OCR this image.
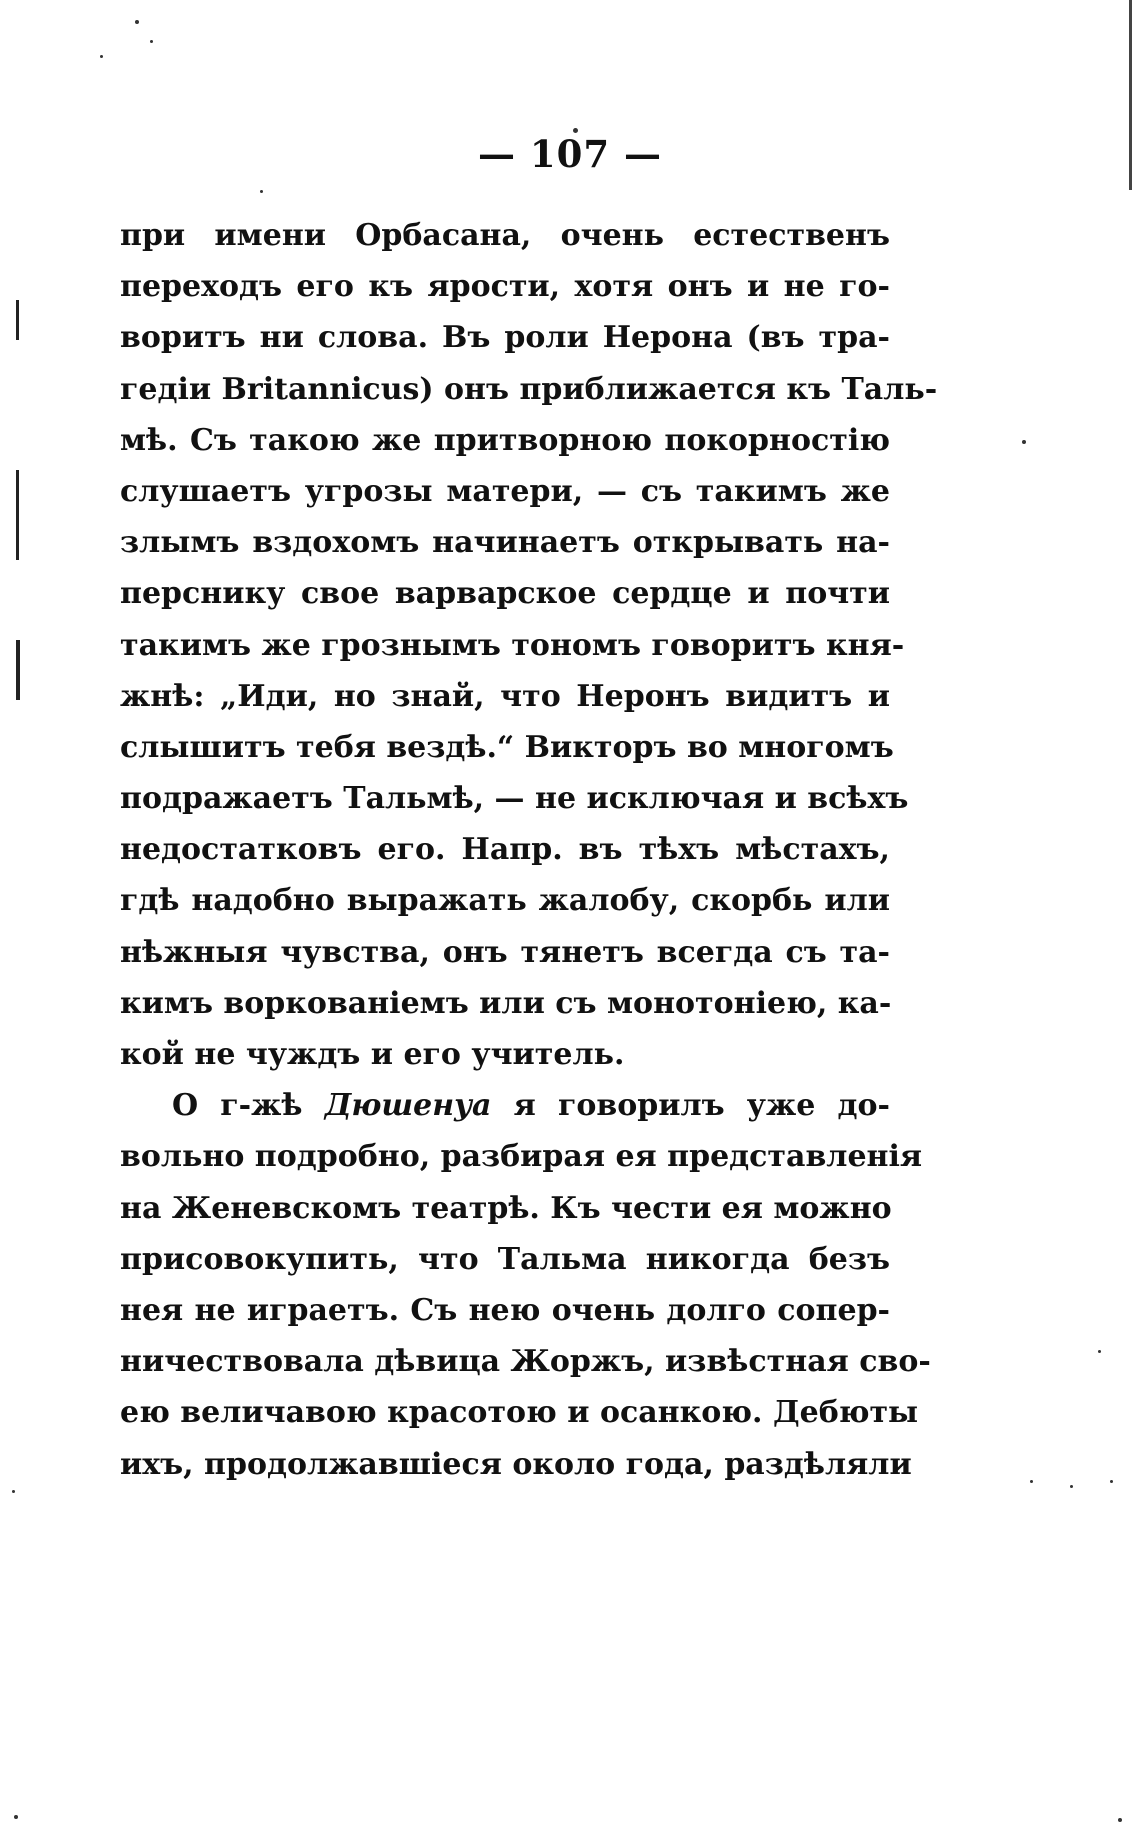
— 107 —
при имени Орбасана, очень естественъ
переходъ его къ ярости, хотя онъ и не го-
воритъ ни слова. Въ роли Нерона (въ тра-
гедіи Britannicus) онъ приближается къ Таль-
мѣ. Съ такою же притворною покорностію
слушаетъ угрозы матери, — съ такимъ же
злымъ вздохомъ начинаетъ открывать на-
перснику свое варварское сердце и почти
такимъ же грознымъ тономъ говоритъ кня-
жнѣ: „Иди, но знай, что Неронъ видитъ и
слышитъ тебя вездѣ.“ Викторъ во многомъ
подражаетъ Тальмѣ, — не исключая и всѣхъ
недостатковъ его. Напр. въ тѣхъ мѣстахъ,
гдѣ надобно выражать жалобу, скорбь или
нѣжныя чувства, онъ тянетъ всегда съ та-
кимъ воркованіемъ или съ монотоніею, ка-
кой не чуждъ и его учитель.
О г-жѣ Дюшенуа я говорилъ уже до-
вольно подробно, разбирая ея представленія
на Женевскомъ театрѣ. Къ чести ея можно
присовокупить, что Тальма никогда безъ
нея не играетъ. Съ нею очень долго сопер-
ничествовала дѣвица Жоржъ, извѣстная сво-
ею величавою красотою и осанкою. Дебюты
ихъ, продолжавшіеся около года, раздѣляли
